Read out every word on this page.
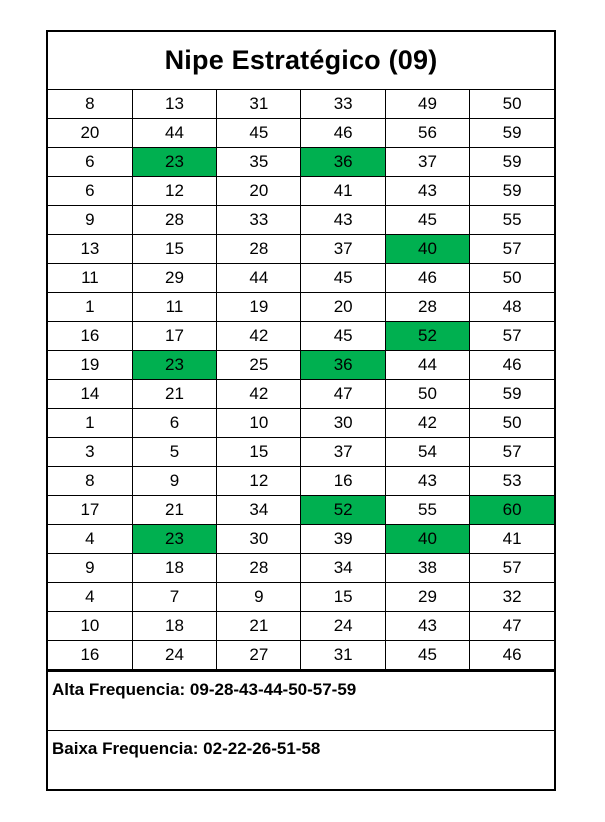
Nipe Estratégico (09)
8	13	31	33	49	50
20	44	45	46	56	59
6	23	35	36	37	59
6	12	20	41	43	59
9	28	33	43	45	55
13	15	28	37	40	57
11	29	44	45	46	50
1	11	19	20	28	48
16	17	42	45	52	57
19	23	25	36	44	46
14	21	42	47	50	59
1	6	10	30	42	50
3	5	15	37	54	57
8	9	12	16	43	53
17	21	34	52	55	60
4	23	30	39	40	41
9	18	28	34	38	57
4	7	9	15	29	32
10	18	21	24	43	47
16	24	27	31	45	46
Alta Frequencia: 09-28-43-44-50-57-59
Baixa Frequencia: 02-22-26-51-58
